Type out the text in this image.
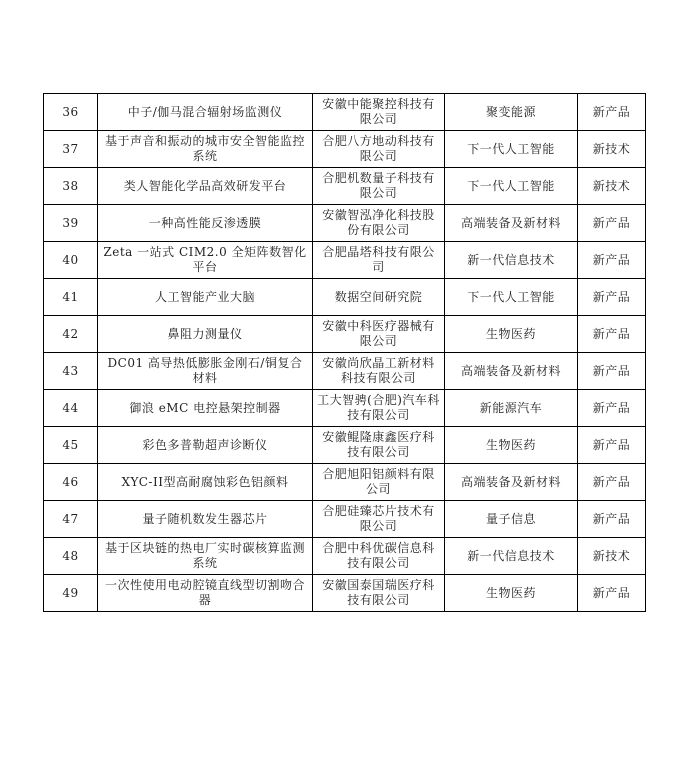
36	中子/伽马混合辐射场监测仪	安徽中能聚控科技有限公司	聚变能源	新产品
37	基于声音和振动的城市安全智能监控系统	合肥八方地动科技有限公司	下一代人工智能	新技术
38	类人智能化学品高效研发平台	合肥机数量子科技有限公司	下一代人工智能	新技术
39	一种高性能反渗透膜	安徽智泓净化科技股份有限公司	高端装备及新材料	新产品
40	Zeta 一站式 CIM2.0 全矩阵数智化平台	合肥晶塔科技有限公司	新一代信息技术	新产品
41	人工智能产业大脑	数据空间研究院	下一代人工智能	新产品
42	鼻阻力测量仪	安徽中科医疗器械有限公司	生物医药	新产品
43	DC01 高导热低膨胀金刚石/铜复合材料	安徽尚欣晶工新材料科技有限公司	高端装备及新材料	新产品
44	御浪 eMC 电控悬架控制器	工大智骋(合肥)汽车科技有限公司	新能源汽车	新产品
45	彩色多普勒超声诊断仪	安徽鲲隆康鑫医疗科技有限公司	生物医药	新产品
46	XYC-II型高耐腐蚀彩色铝颜料	合肥旭阳铝颜料有限公司	高端装备及新材料	新产品
47	量子随机数发生器芯片	合肥硅臻芯片技术有限公司	量子信息	新产品
48	基于区块链的热电厂实时碳核算监测系统	合肥中科优碳信息科技有限公司	新一代信息技术	新技术
49	一次性使用电动腔镜直线型切割吻合器	安徽国泰国瑞医疗科技有限公司	生物医药	新产品
